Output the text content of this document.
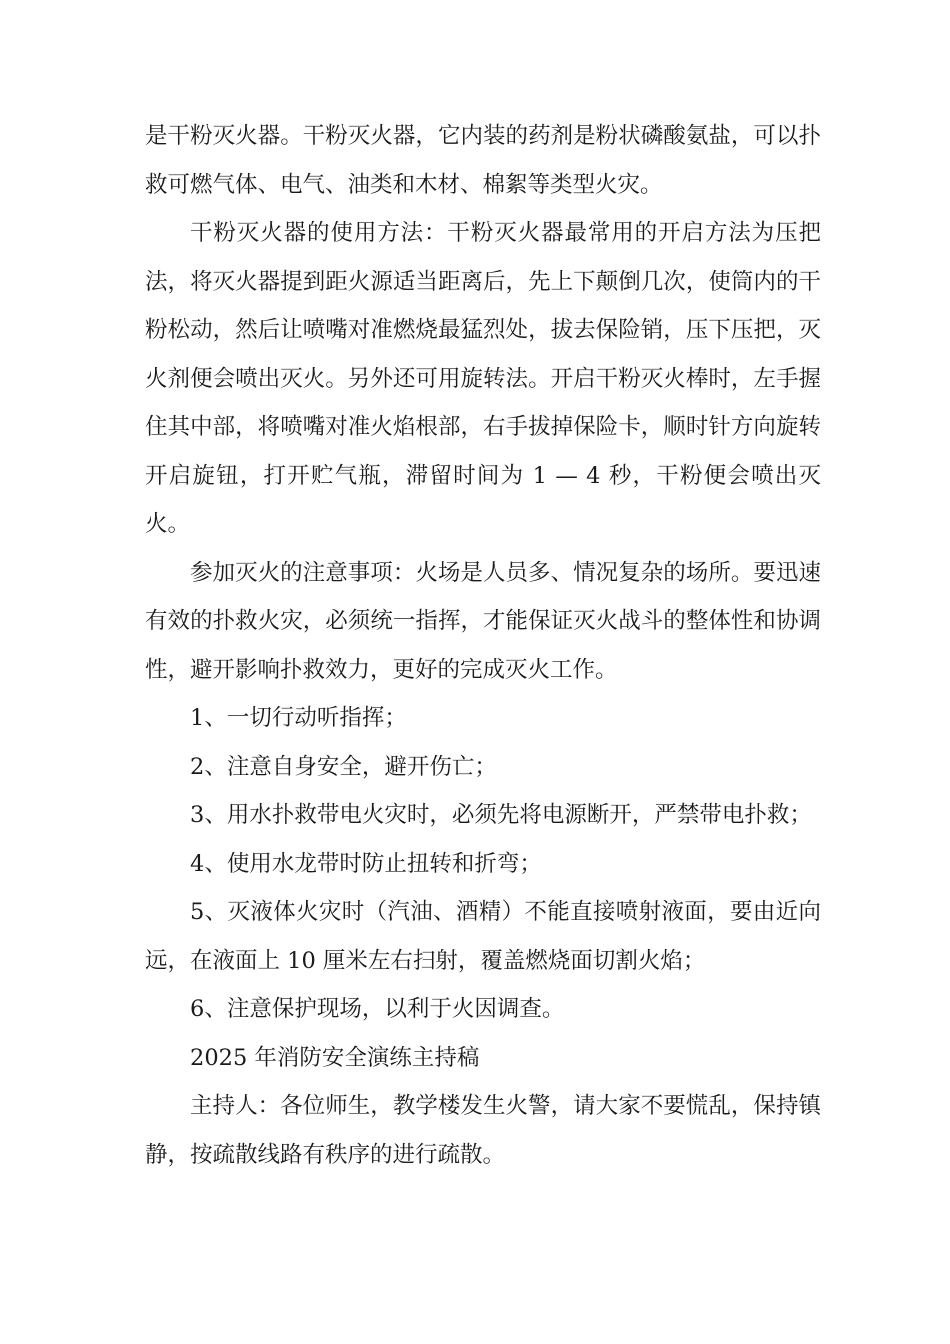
是干粉灭火器。干粉灭火器，它内装的药剂是粉状磷酸氨盐，可以扑救可燃气体、电气、油类和木材、棉絮等类型火灾。

干粉灭火器的使用方法：干粉灭火器最常用的开启方法为压把法，将灭火器提到距火源适当距离后，先上下颠倒几次，使筒内的干粉松动，然后让喷嘴对准燃烧最猛烈处，拔去保险销，压下压把，灭火剂便会喷出灭火。另外还可用旋转法。开启干粉灭火棒时，左手握住其中部，将喷嘴对准火焰根部，右手拔掉保险卡，顺时针方向旋转开启旋钮，打开贮气瓶，滞留时间为 1 — 4 秒，干粉便会喷出灭火。

参加灭火的注意事项：火场是人员多、情况复杂的场所。要迅速有效的扑救火灾，必须统一指挥，才能保证灭火战斗的整体性和协调性，避开影响扑救效力，更好的完成灭火工作。

1、一切行动听指挥；

2、注意自身安全，避开伤亡；

3、用水扑救带电火灾时，必须先将电源断开，严禁带电扑救；

4、使用水龙带时防止扭转和折弯；

5、灭液体火灾时（汽油、酒精）不能直接喷射液面，要由近向远，在液面上 10 厘米左右扫射，覆盖燃烧面切割火焰；

6、注意保护现场，以利于火因调查。

2025 年消防安全演练主持稿

主持人：各位师生，教学楼发生火警，请大家不要慌乱，保持镇静，按疏散线路有秩序的进行疏散。
